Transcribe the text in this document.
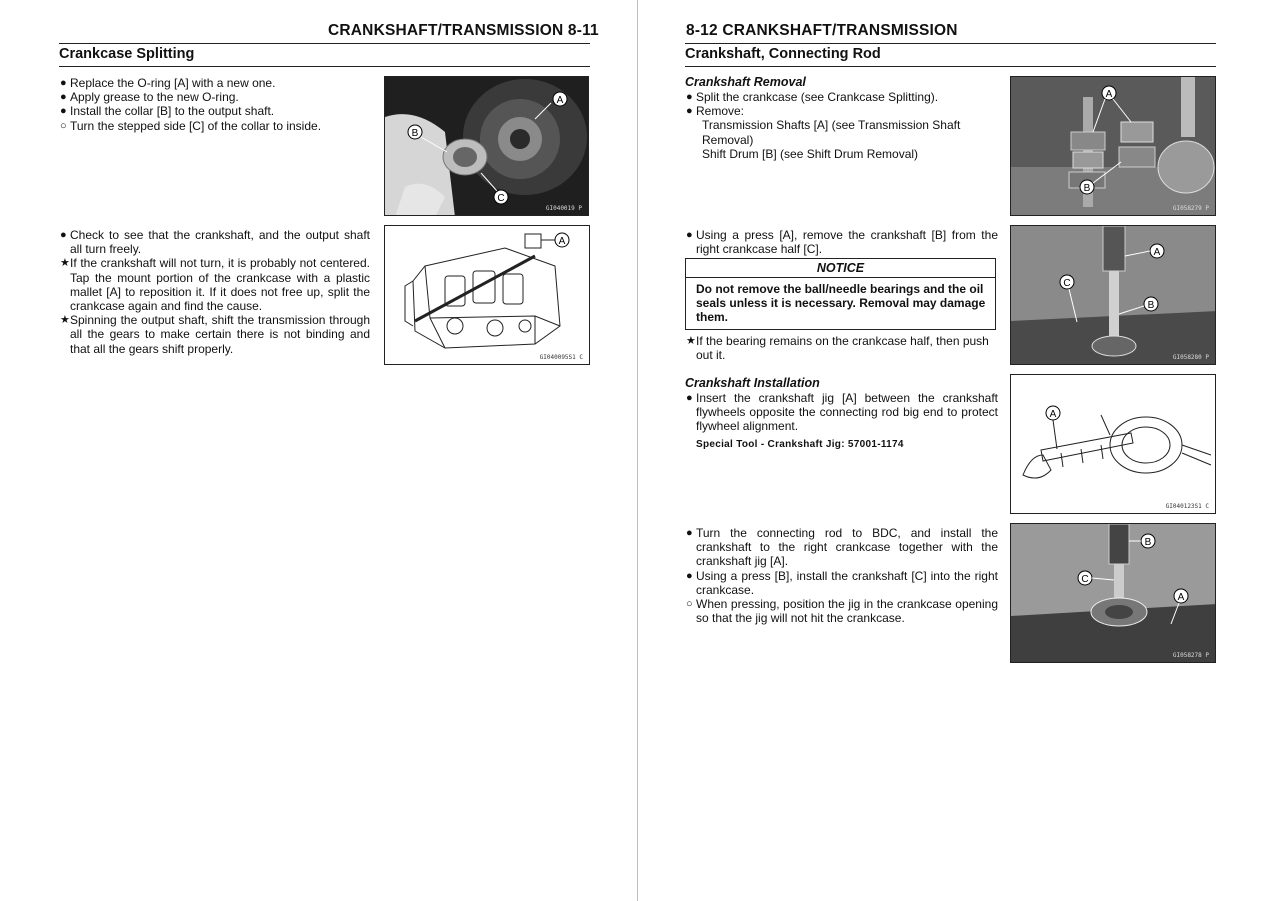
CRANKSHAFT/TRANSMISSION 8-11
Crankcase Splitting
● Replace the O-ring [A] with a new one.
● Apply grease to the new O-ring.
● Install the collar [B] to the output shaft.
○ Turn the stepped side [C] of the collar to inside.
A
B
C
GI040019 P
● Check to see that the crankshaft, and the output shaft all turn freely.
★ If the crankshaft will not turn, it is probably not centered. Tap the mount portion of the crankcase with a plastic mallet [A] to reposition it. If it does not free up, split the crankcase again and find the cause.
★ Spinning the output shaft, shift the transmission through all the gears to make certain there is not binding and that all the gears shift properly.
A
GI040095S1 C
8-12 CRANKSHAFT/TRANSMISSION
Crankshaft, Connecting Rod
Crankshaft Removal
● Split the crankcase (see Crankcase Splitting).
● Remove:
Transmission Shafts [A] (see Transmission Shaft Removal)
Shift Drum [B] (see Shift Drum Removal)
A
B
GI058279 P
● Using a press [A], remove the crankshaft [B] from the right crankcase half [C].
NOTICE
Do not remove the ball/needle bearings and the oil seals unless it is necessary. Removal may damage them.
★ If the bearing remains on the crankcase half, then push out it.
A
B
C
GI058280 P
Crankshaft Installation
● Insert the crankshaft jig [A] between the crankshaft flywheels opposite the connecting rod big end to protect flywheel alignment.
Special Tool - Crankshaft Jig: 57001-1174
A
GI040123S1 C
● Turn the connecting rod to BDC, and install the crankshaft to the right crankcase together with the crankshaft jig [A].
● Using a press [B], install the crankshaft [C] into the right crankcase.
○ When pressing, position the jig in the crankcase opening so that the jig will not hit the crankcase.
B
C
A
GI058278 P
